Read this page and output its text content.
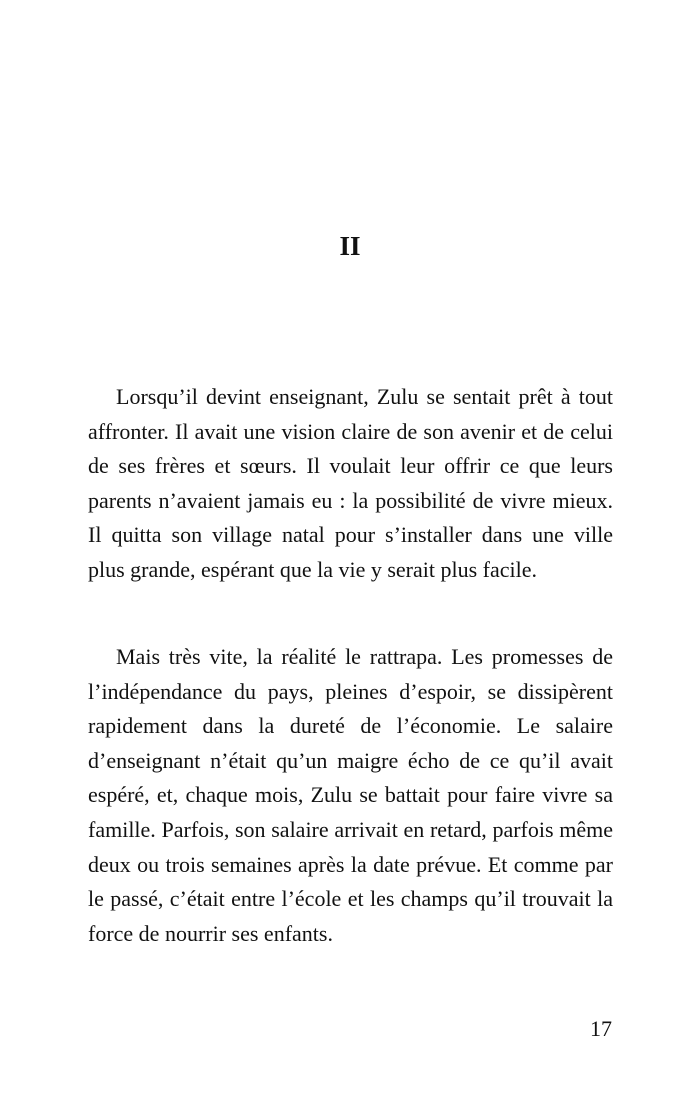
II

Lorsqu’il devint enseignant, Zulu se sentait prêt à tout affronter. Il avait une vision claire de son avenir et de celui de ses frères et sœurs. Il voulait leur offrir ce que leurs parents n’avaient jamais eu : la possibilité de vivre mieux. Il quitta son village natal pour s’installer dans une ville plus grande, espérant que la vie y serait plus facile.

Mais très vite, la réalité le rattrapa. Les promesses de l’indépendance du pays, pleines d’espoir, se dissipèrent rapidement dans la dureté de l’économie. Le salaire d’enseignant n’était qu’un maigre écho de ce qu’il avait espéré, et, chaque mois, Zulu se battait pour faire vivre sa famille. Parfois, son salaire arrivait en retard, parfois même deux ou trois semaines après la date prévue. Et comme par le passé, c’était entre l’école et les champs qu’il trouvait la force de nourrir ses enfants.

17
